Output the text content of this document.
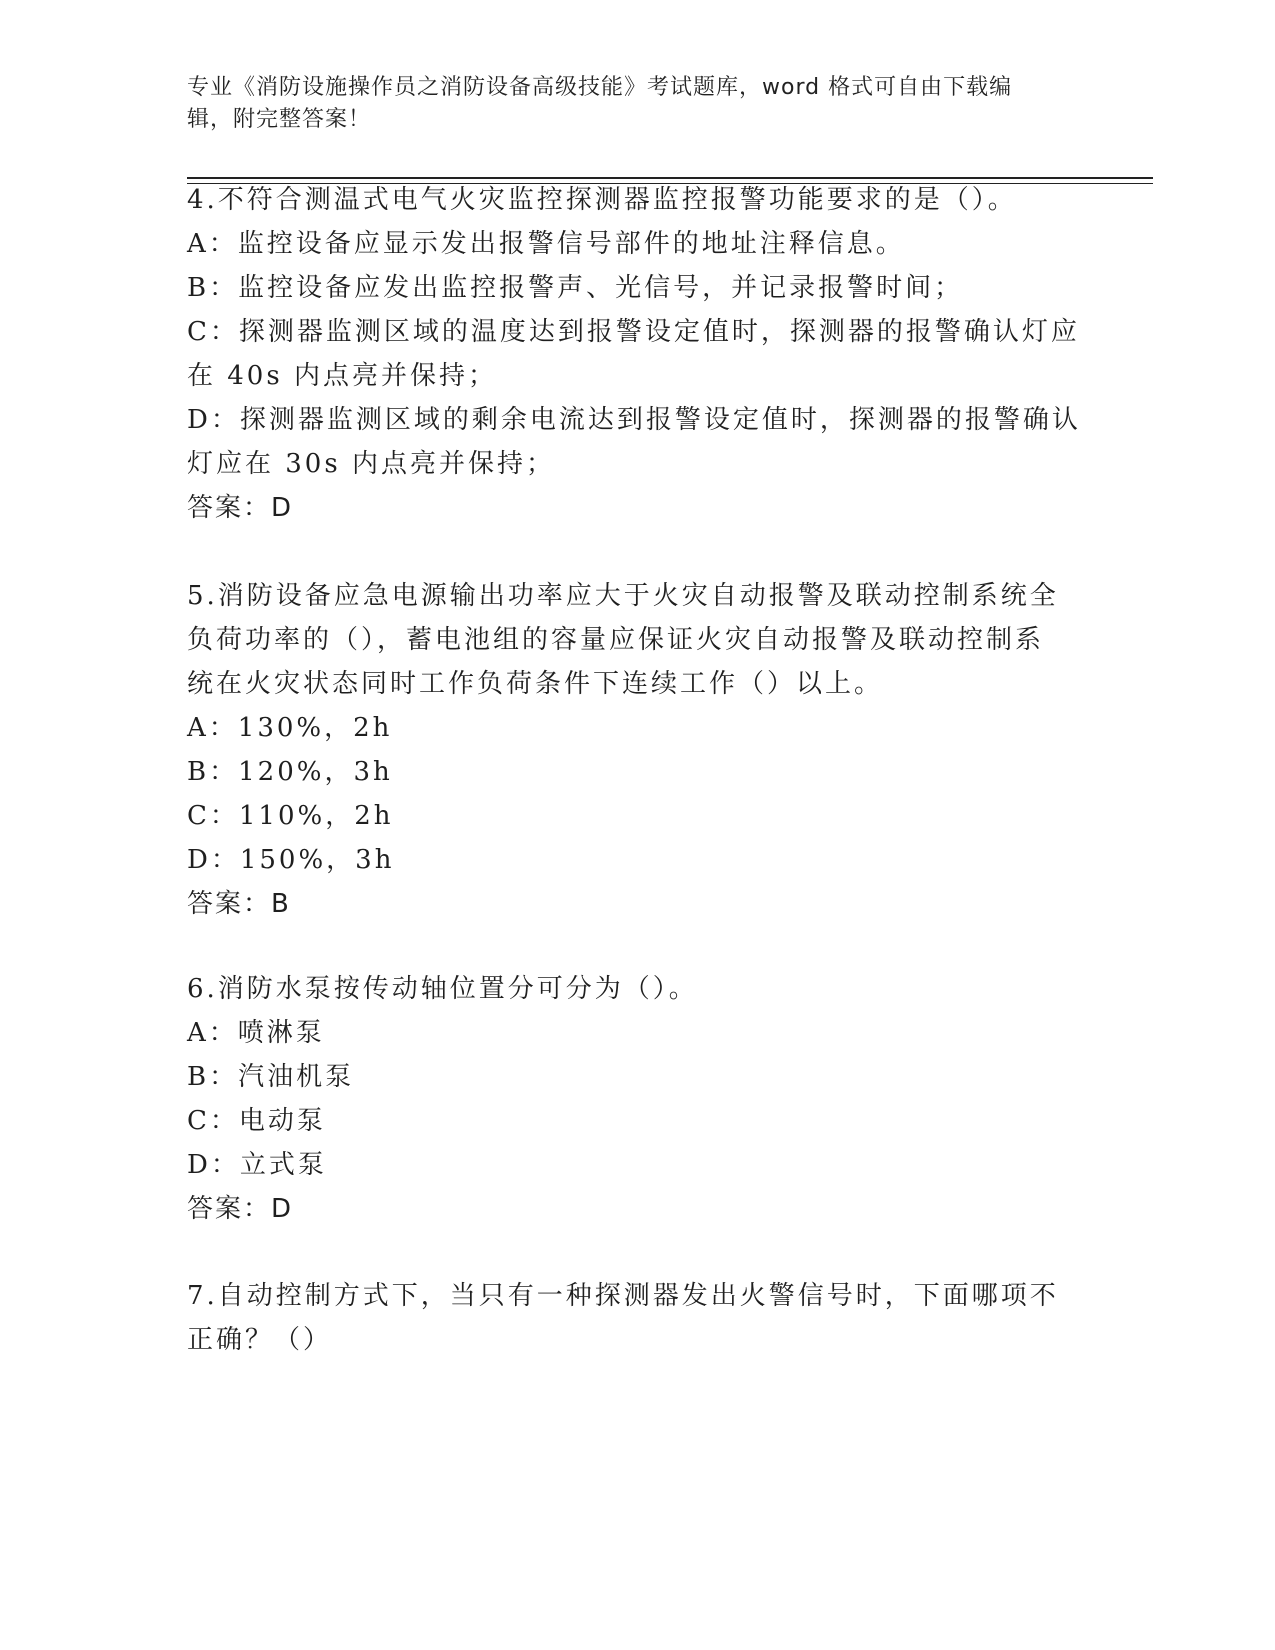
专业《消防设施操作员之消防设备高级技能》考试题库，word 格式可自由下载编
辑，附完整答案！
4.不符合测温式电气火灾监控探测器监控报警功能要求的是（）。
A：监控设备应显示发出报警信号部件的地址注释信息。
B：监控设备应发出监控报警声、光信号，并记录报警时间；
C：探测器监测区域的温度达到报警设定值时，探测器的报警确认灯应
在 40s 内点亮并保持；
D：探测器监测区域的剩余电流达到报警设定值时，探测器的报警确认
灯应在 30s 内点亮并保持；
答案：D
5.消防设备应急电源输出功率应大于火灾自动报警及联动控制系统全
负荷功率的（），蓄电池组的容量应保证火灾自动报警及联动控制系
统在火灾状态同时工作负荷条件下连续工作（）以上。
A：130%，2h
B：120%，3h
C：110%，2h
D：150%，3h
答案：B
6.消防水泵按传动轴位置分可分为（）。
A：喷淋泵
B：汽油机泵
C：电动泵
D：立式泵
答案：D
7.自动控制方式下，当只有一种探测器发出火警信号时，下面哪项不
正确？（）
